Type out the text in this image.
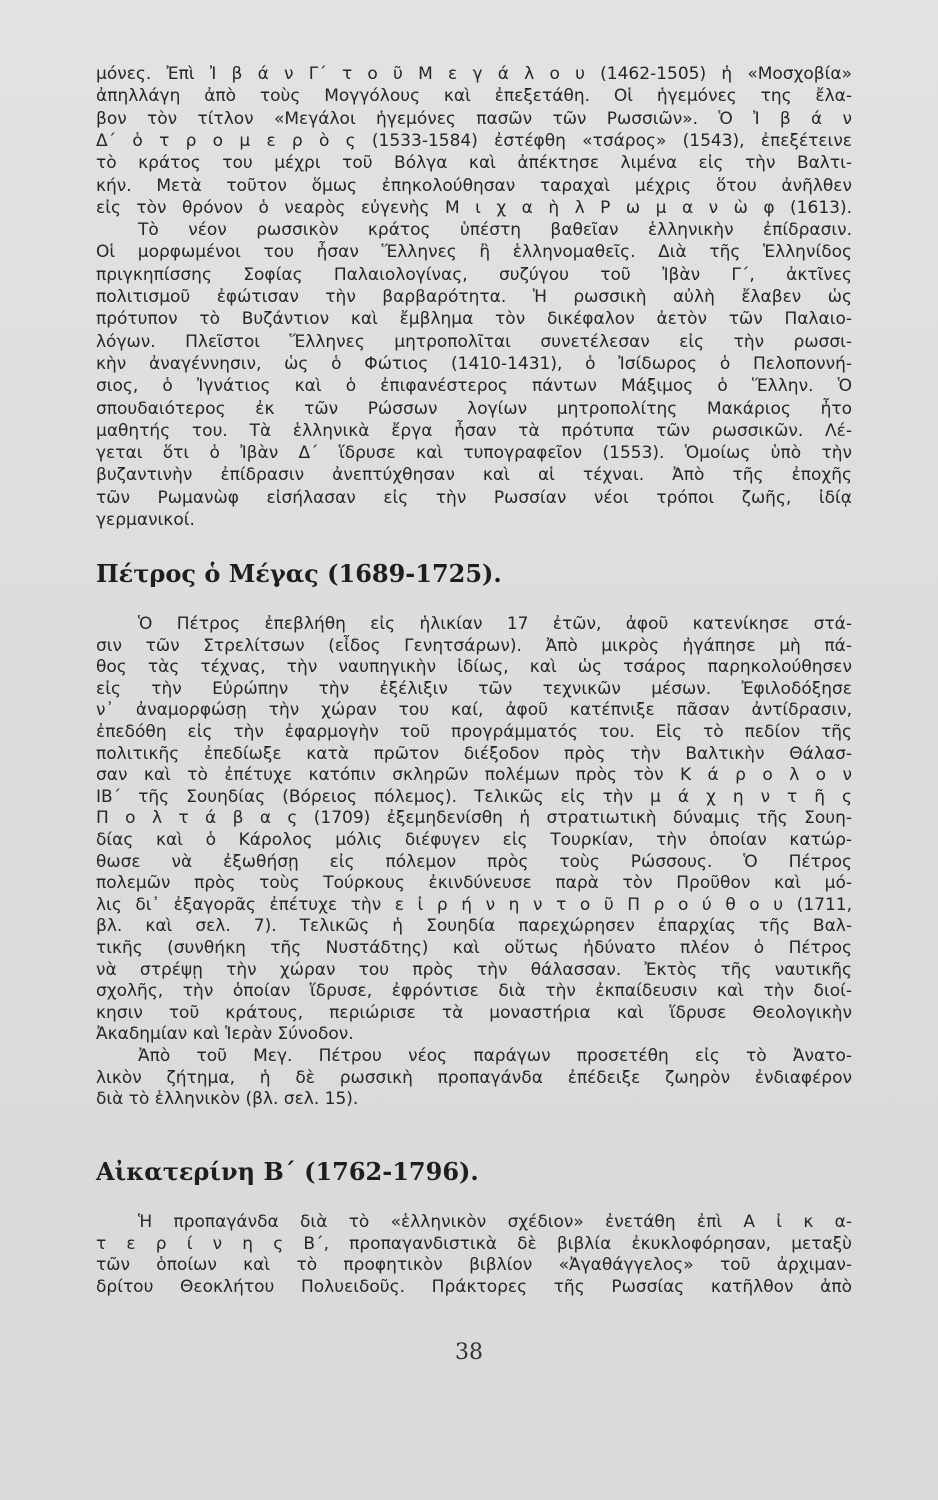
μόνες. Ἐπὶ Ἰ β ά ν Γ΄ τ ο ῦ Μ ε γ ά λ ο υ (1462-1505) ἡ «Μοσχοβία»
ἀπηλλάγη ἀπὸ τοὺς Μογγόλους καὶ ἐπεξετάθη. Οἱ ἡγεμόνες της ἔλα-
βον τὸν τίτλον «Μεγάλοι ἡγεμόνες πασῶν τῶν Ρωσσιῶν». Ὁ Ἰ β ά ν
Δ΄ ὁ τ ρ ο μ ε ρ ὸ ς (1533-1584) ἐστέφθη «τσάρος» (1543), ἐπεξέτεινε
τὸ κράτος του μέχρι τοῦ Βόλγα καὶ ἀπέκτησε λιμένα εἰς τὴν Βαλτι-
κήν. Μετὰ τοῦτον ὅμως ἐπηκολούθησαν ταραχαὶ μέχρις ὅτου ἀνῆλθεν
εἰς τὸν θρόνον ὁ νεαρὸς εὐγενὴς Μ ι χ α ὴ λ Ρ ω μ α ν ὼ φ (1613).
Τὸ νέον ρωσσικὸν κράτος ὑπέστη βαθεῖαν ἑλληνικὴν ἐπίδρασιν.
Οἱ μορφωμένοι του ἦσαν Ἕλληνες ἢ ἑλληνομαθεῖς. Διὰ τῆς Ἑλληνίδος
πριγκηπίσσης Σοφίας Παλαιολογίνας, συζύγου τοῦ Ἰβὰν Γ΄, ἀκτῖνες
πολιτισμοῦ ἐφώτισαν τὴν βαρβαρότητα. Ἡ ρωσσικὴ αὐλὴ ἔλαβεν ὡς
πρότυπον τὸ Βυζάντιον καὶ ἔμβλημα τὸν δικέφαλον ἀετὸν τῶν Παλαιο-
λόγων. Πλεῖστοι Ἕλληνες μητροπολῖται συνετέλεσαν εἰς τὴν ρωσσι-
κὴν ἀναγέννησιν, ὡς ὁ Φώτιος (1410-1431), ὁ Ἰσίδωρος ὁ Πελοποννή-
σιος, ὁ Ἰγνάτιος καὶ ὁ ἐπιφανέστερος πάντων Μάξιμος ὁ Ἕλλην. Ὁ
σπουδαιότερος ἐκ τῶν Ρώσσων λογίων μητροπολίτης Μακάριος ἦτο
μαθητής του. Τὰ ἑλληνικὰ ἔργα ἦσαν τὰ πρότυπα τῶν ρωσσικῶν. Λέ-
γεται ὅτι ὁ Ἰβὰν Δ΄ ἵδρυσε καὶ τυπογραφεῖον (1553). Ὁμοίως ὑπὸ τὴν
βυζαντινὴν ἐπίδρασιν ἀνεπτύχθησαν καὶ αἱ τέχναι. Ἀπὸ τῆς ἐποχῆς
τῶν Ρωμανὼφ εἰσήλασαν εἰς τὴν Ρωσσίαν νέοι τρόποι ζωῆς, ἰδίᾳ
γερμανικοί.
Πέτρος ὁ Μέγας (1689-1725).
Ὁ Πέτρος ἐπεβλήθη εἰς ἡλικίαν 17 ἐτῶν, ἀφοῦ κατενίκησε στά-
σιν τῶν Στρελίτσων (εἶδος Γενητσάρων). Ἀπὸ μικρὸς ἠγάπησε μὴ πά-
θος τὰς τέχνας, τὴν ναυπηγικὴν ἰδίως, καὶ ὡς τσάρος παρηκολούθησεν
εἰς τὴν Εὐρώπην τὴν ἐξέλιξιν τῶν τεχνικῶν μέσων. Ἐφιλοδόξησε
ν᾽ ἀναμορφώσῃ τὴν χώραν του καί, ἀφοῦ κατέπνιξε πᾶσαν ἀντίδρασιν,
ἐπεδόθη εἰς τὴν ἐφαρμογὴν τοῦ προγράμματός του. Εἰς τὸ πεδίον τῆς
πολιτικῆς ἐπεδίωξε κατὰ πρῶτον διέξοδον πρὸς τὴν Βαλτικὴν Θάλασ-
σαν καὶ τὸ ἐπέτυχε κατόπιν σκληρῶν πολέμων πρὸς τὸν Κ ά ρ ο λ ο ν
ΙΒ΄ τῆς Σουηδίας (Βόρειος πόλεμος). Τελικῶς εἰς τὴν μ ά χ η ν τ ῆ ς
Π ο λ τ ά β α ς (1709) ἐξεμηδενίσθη ἡ στρατιωτικὴ δύναμις τῆς Σουη-
δίας καὶ ὁ Κάρολος μόλις διέφυγεν εἰς Τουρκίαν, τὴν ὁποίαν κατώρ-
θωσε νὰ ἐξωθήσῃ εἰς πόλεμον πρὸς τοὺς Ρώσσους. Ὁ Πέτρος
πολεμῶν πρὸς τοὺς Τούρκους ἐκινδύνευσε παρὰ τὸν Προῦθον καὶ μό-
λις δι᾽ ἐξαγορᾶς ἐπέτυχε τὴν ε ἰ ρ ή ν η ν τ ο ῦ Π ρ ο ύ θ ο υ (1711,
βλ. καὶ σελ. 7). Τελικῶς ἡ Σουηδία παρεχώρησεν ἐπαρχίας τῆς Βαλ-
τικῆς (συνθήκη τῆς Νυστάδτης) καὶ οὕτως ἠδύνατο πλέον ὁ Πέτρος
νὰ στρέψῃ τὴν χώραν του πρὸς τὴν θάλασσαν. Ἐκτὸς τῆς ναυτικῆς
σχολῆς, τὴν ὁποίαν ἵδρυσε, ἐφρόντισε διὰ τὴν ἐκπαίδευσιν καὶ τὴν διοί-
κησιν τοῦ κράτους, περιώρισε τὰ μοναστήρια καὶ ἵδρυσε Θεολογικὴν
Ἀκαδημίαν καὶ Ἱερὰν Σύνοδον.
Ἀπὸ τοῦ Μεγ. Πέτρου νέος παράγων προσετέθη εἰς τὸ Ἀνατο-
λικὸν ζήτημα, ἡ δὲ ρωσσικὴ προπαγάνδα ἐπέδειξε ζωηρὸν ἐνδιαφέρον
διὰ τὸ ἑλληνικὸν (βλ. σελ. 15).
Αἰκατερίνη Β΄ (1762-1796).
Ἡ προπαγάνδα διὰ τὸ «ἑλληνικὸν σχέδιον» ἐνετάθη ἐπὶ Α ἰ κ α-
τ ε ρ ί ν η ς Β΄, προπαγανδιστικὰ δὲ βιβλία ἐκυκλοφόρησαν, μεταξὺ
τῶν ὁποίων καὶ τὸ προφητικὸν βιβλίον «Ἀγαθάγγελος» τοῦ ἀρχιμαν-
δρίτου Θεοκλήτου Πολυειδοῦς. Πράκτορες τῆς Ρωσσίας κατῆλθον ἀπὸ
38
